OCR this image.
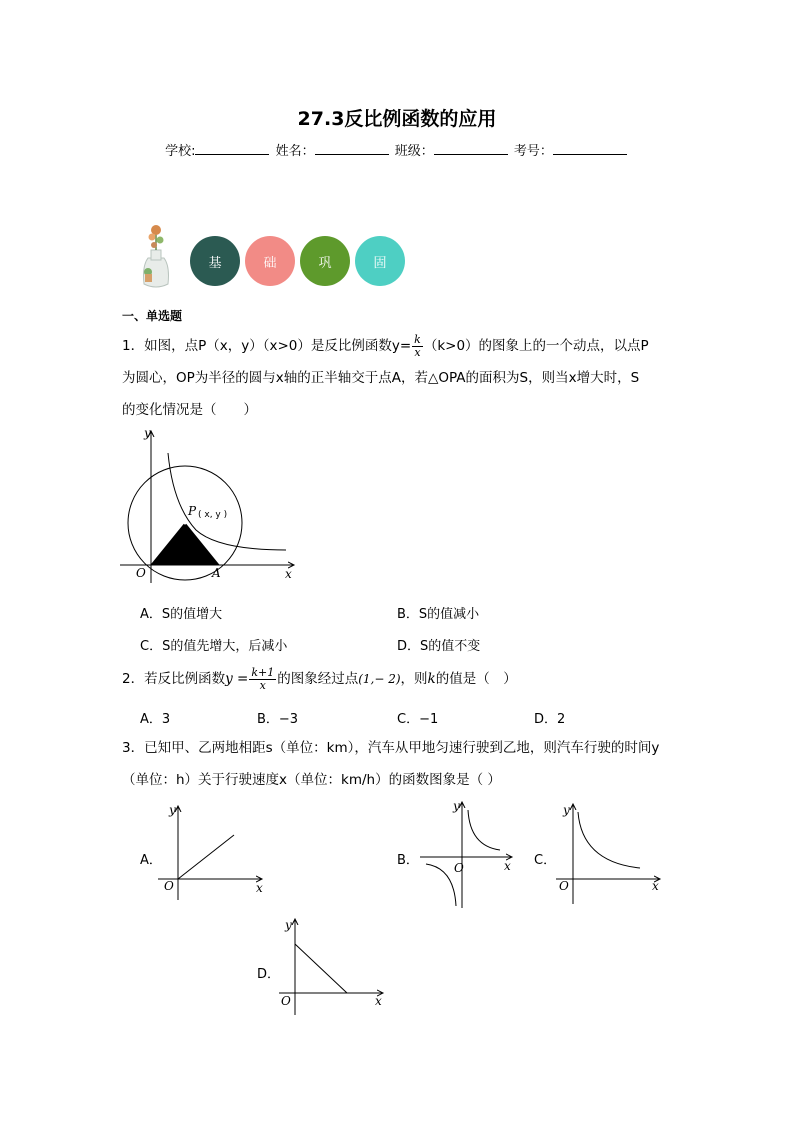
27.3反比例函数的应用
学校:	姓名：	班级：	考号：
基	础	巩	固
一、单选题
1．如图，点P（x，y）（x>0）是反比例函数$y= \frac{k}{x} (k>0)$的图象上的一个动点，以点P
为圆心，OP为半径的圆与x轴的正半轴交于点A，若△OPA的面积为S，则当x增大时，S
的变化情况是（　　）
y
x
O	A
P ( x, y )
A．S的值增大	B．S的值减小
C．S的值先增大，后减小	D．S的值不变
2．若反比例函数$y = \frac{k+1}{x}$ 的图象经过点(1,− 2)，则k的值是（　）
A．3	B．−3	C．−1	D．2
3．已知甲、乙两地相距s（单位：km），汽车从甲地匀速行驶到乙地，则汽车行驶的时间y
（单位：h）关于行驶速度x（单位：km/h）的函数图象是（ ）
A．	B．	C．
D．
y
x
O
y
x
O
y
x
O
y
x
O
